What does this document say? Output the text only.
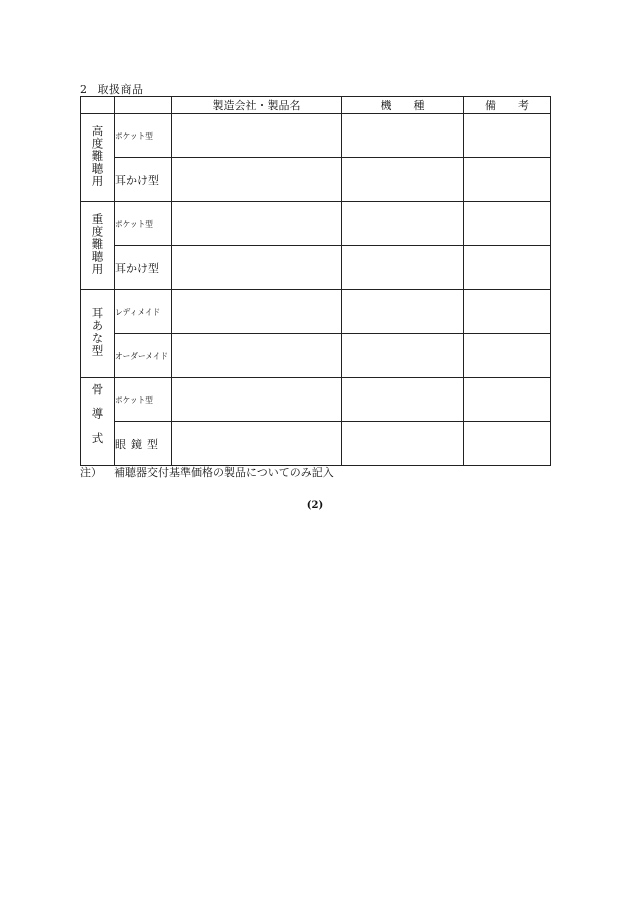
2 取扱商品
		製造会社・製品名	機　　種	備　　考
高度難聴用	ポケット型			
	耳かけ型			
重度難聴用	ポケット型			
	耳かけ型			
耳あな型	レディメイド			
	オーダーメイド			
骨導式	ポケット型			
	眼鏡型			
注） 補聴器交付基準価格の製品についてのみ記入
(2)
